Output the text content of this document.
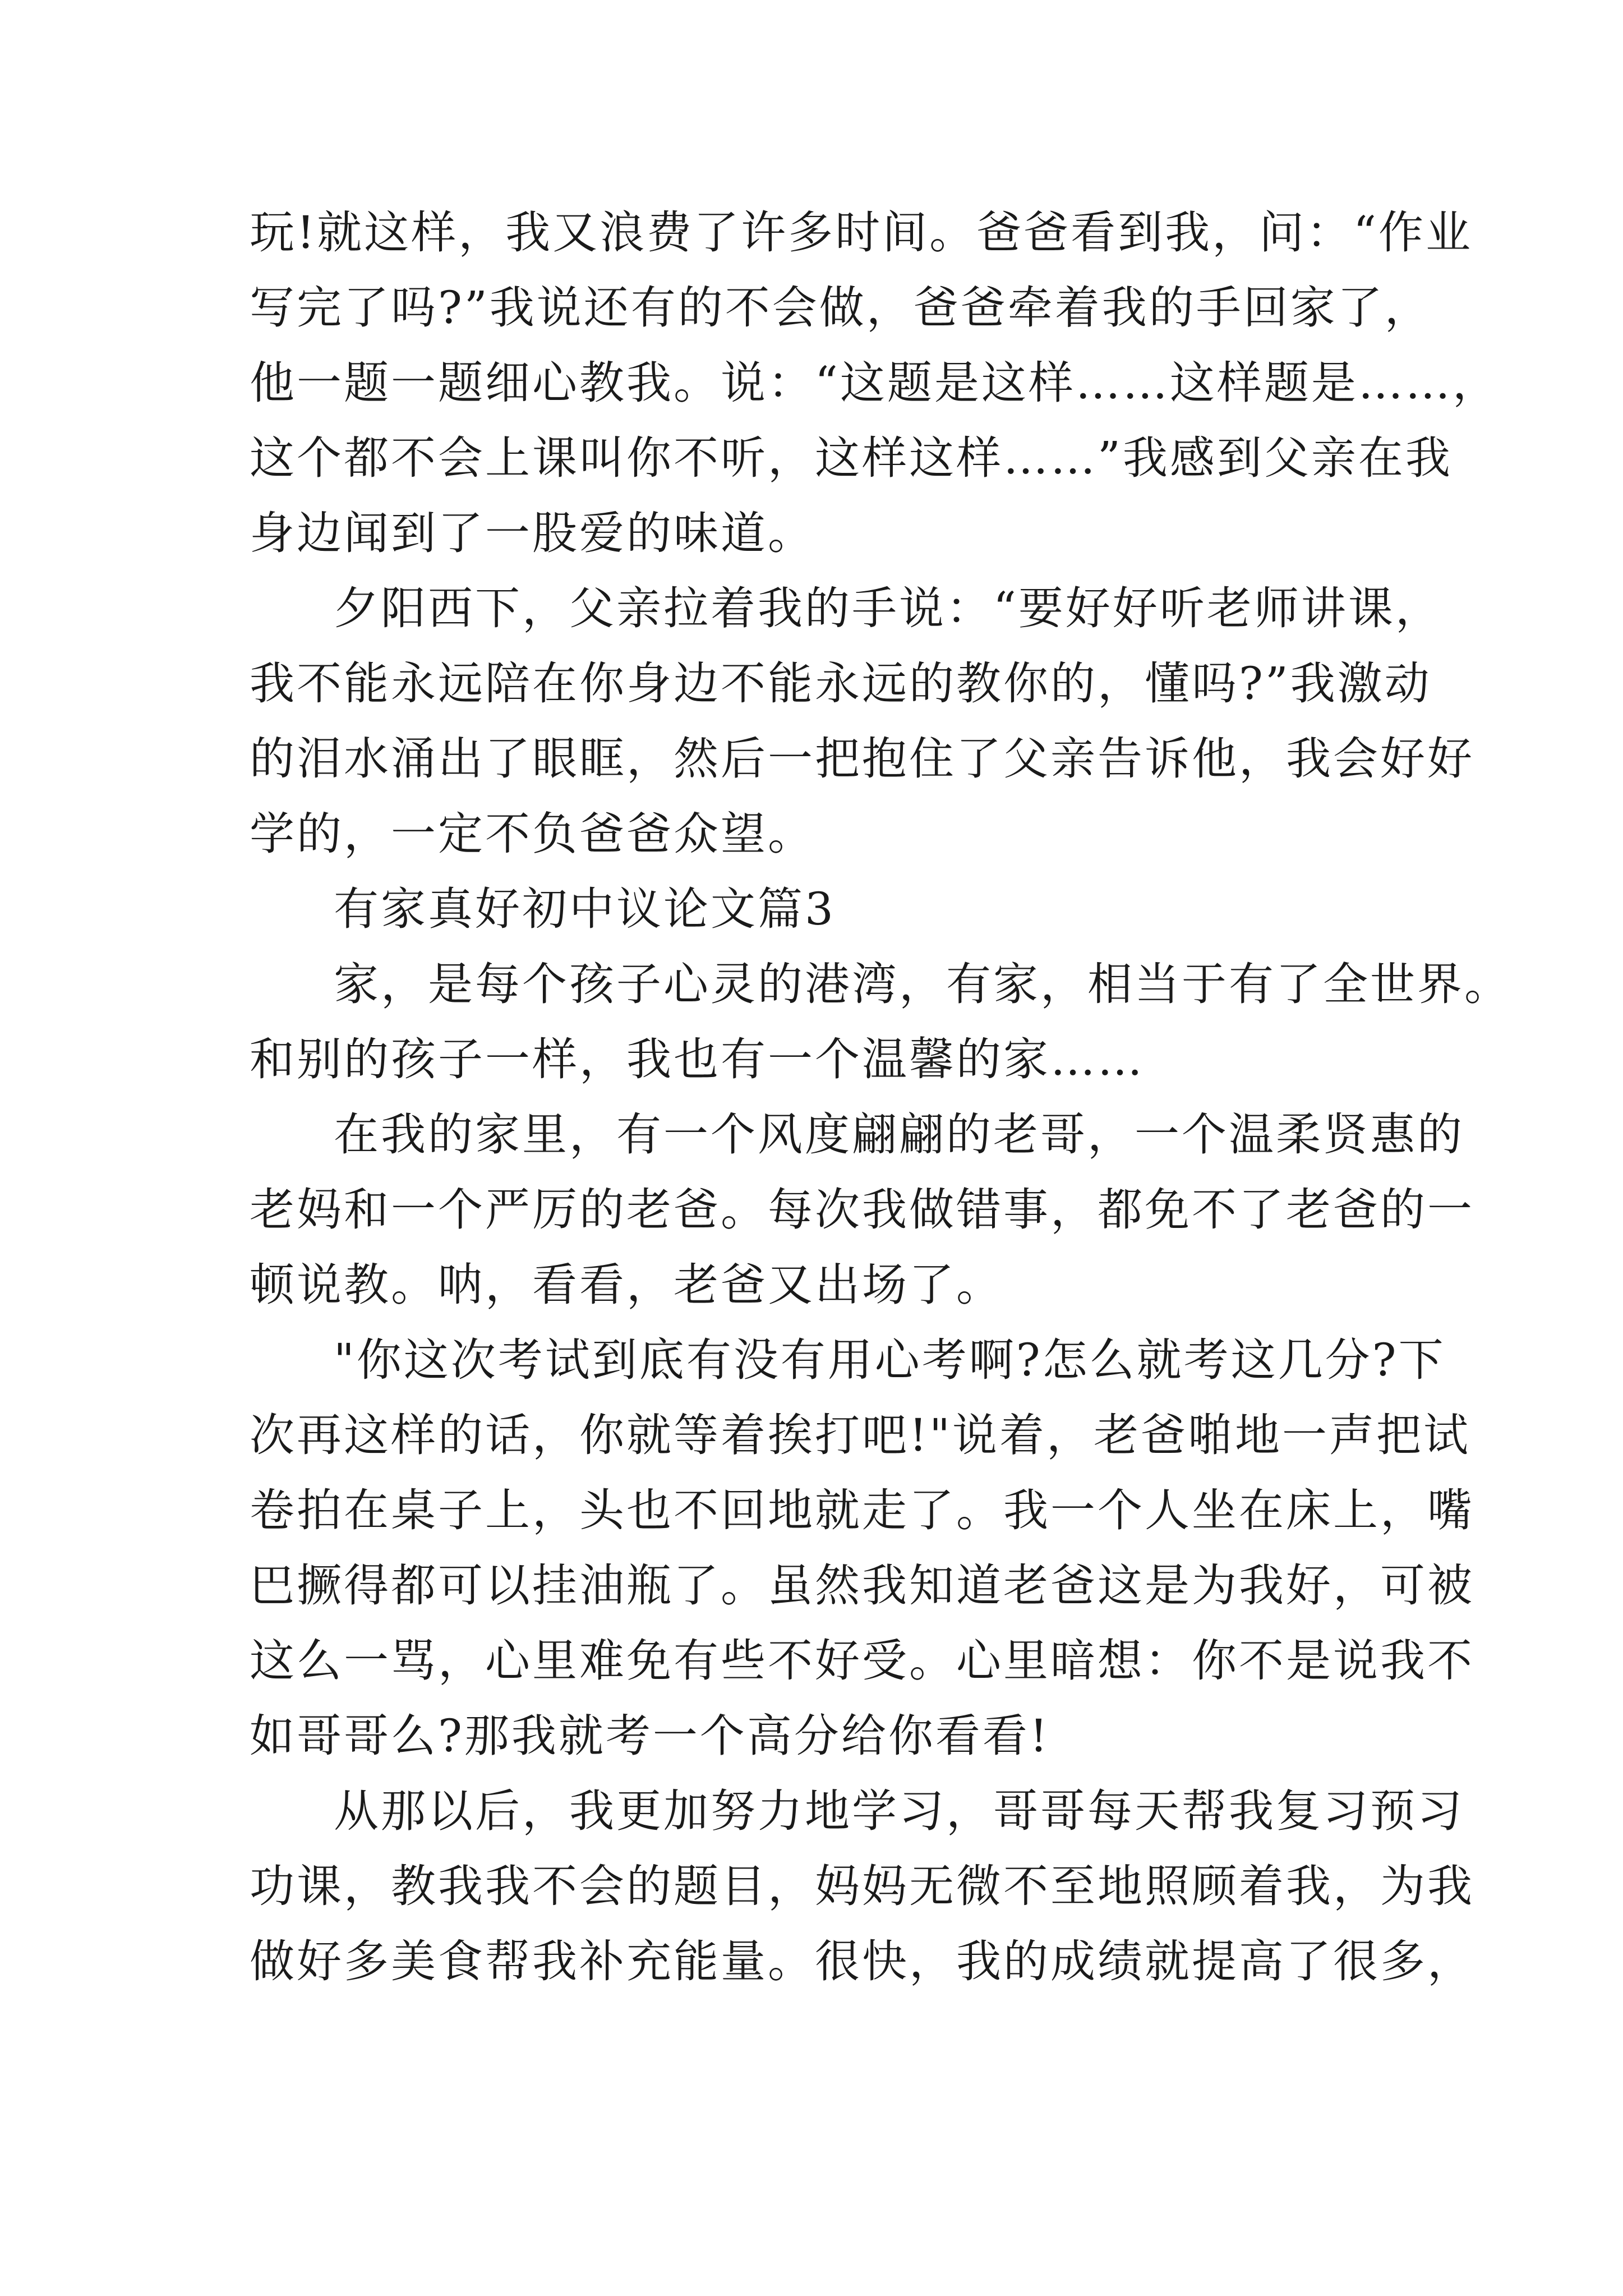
玩!就这样，我又浪费了许多时间。爸爸看到我，问：“作业
写完了吗?”我说还有的不会做，爸爸牵着我的手回家了，
他一题一题细心教我。说：“这题是这样……这样题是……，
这个都不会上课叫你不听，这样这样……”我感到父亲在我
身边闻到了一股爱的味道。
夕阳西下，父亲拉着我的手说：“要好好听老师讲课，
我不能永远陪在你身边不能永远的教你的，懂吗?”我激动
的泪水涌出了眼眶，然后一把抱住了父亲告诉他，我会好好
学的，一定不负爸爸众望。
有家真好初中议论文篇3
家，是每个孩子心灵的港湾，有家，相当于有了全世界。
和别的孩子一样，我也有一个温馨的家……
在我的家里，有一个风度翩翩的老哥，一个温柔贤惠的
老妈和一个严厉的老爸。每次我做错事，都免不了老爸的一
顿说教。呐，看看，老爸又出场了。
"你这次考试到底有没有用心考啊?怎么就考这几分?下
次再这样的话，你就等着挨打吧!"说着，老爸啪地一声把试
卷拍在桌子上，头也不回地就走了。我一个人坐在床上，嘴
巴撅得都可以挂油瓶了。虽然我知道老爸这是为我好，可被
这么一骂，心里难免有些不好受。心里暗想：你不是说我不
如哥哥么?那我就考一个高分给你看看!
从那以后，我更加努力地学习，哥哥每天帮我复习预习
功课，教我我不会的题目，妈妈无微不至地照顾着我，为我
做好多美食帮我补充能量。很快，我的成绩就提高了很多，
